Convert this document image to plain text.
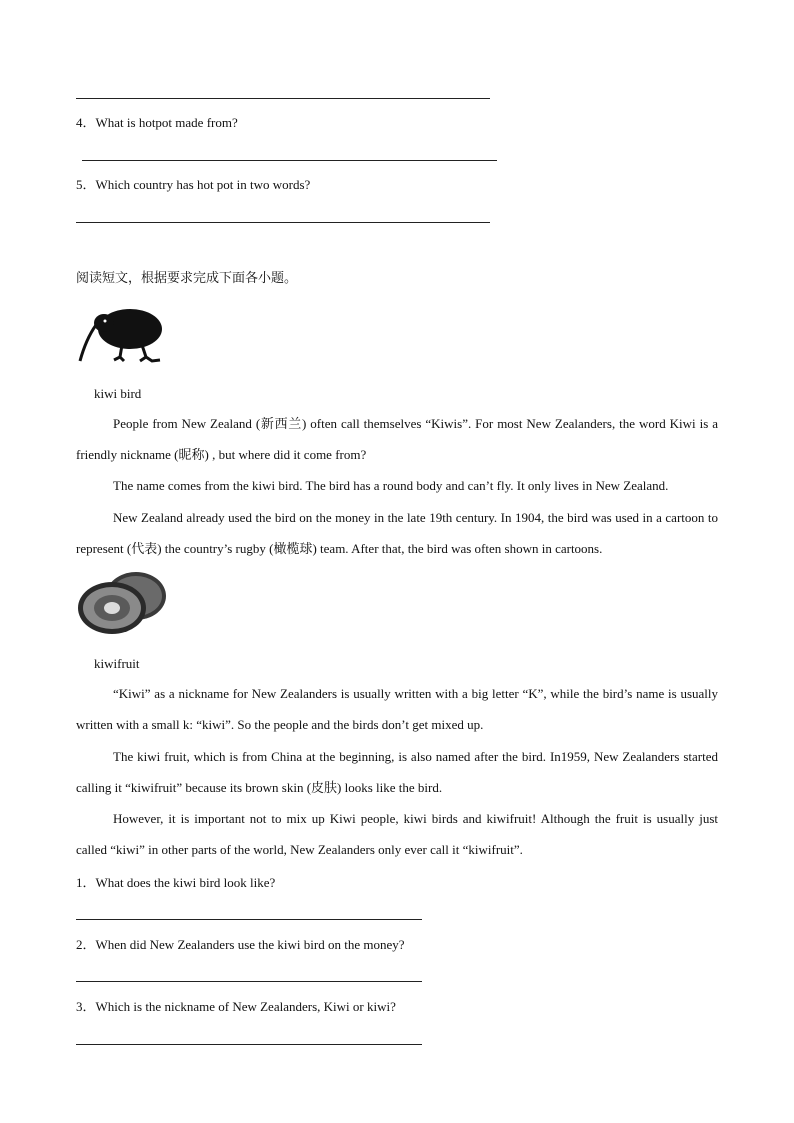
4．What is hotpot made from?
5．Which country has hot pot in two words?
阅读短文，根据要求完成下面各小题。
kiwi bird
People from New Zealand (新西兰) often call themselves “Kiwis”. For most New Zealanders, the word Kiwi is a friendly nickname (昵称) , but where did it come from?
The name comes from the kiwi bird. The bird has a round body and can’t fly. It only lives in New Zealand.
New Zealand already used the bird on the money in the late 19th century. In 1904, the bird was used in a cartoon to represent (代表) the country’s rugby (橄榄球) team. After that, the bird was often shown in cartoons.
kiwifruit
“Kiwi” as a nickname for New Zealanders is usually written with a big letter “K”, while the bird’s name is usually written with a small k: “kiwi”. So the people and the birds don’t get mixed up.
The kiwi fruit, which is from China at the beginning, is also named after the bird. In1959, New Zealanders started calling it “kiwifruit” because its brown skin (皮肤) looks like the bird.
However, it is important not to mix up Kiwi people, kiwi birds and kiwifruit! Although the fruit is usually just called “kiwi” in other parts of the world, New Zealanders only ever call it “kiwifruit”.
1．What does the kiwi bird look like?
2．When did New Zealanders use the kiwi bird on the money?
3．Which is the nickname of New Zealanders, Kiwi or kiwi?
